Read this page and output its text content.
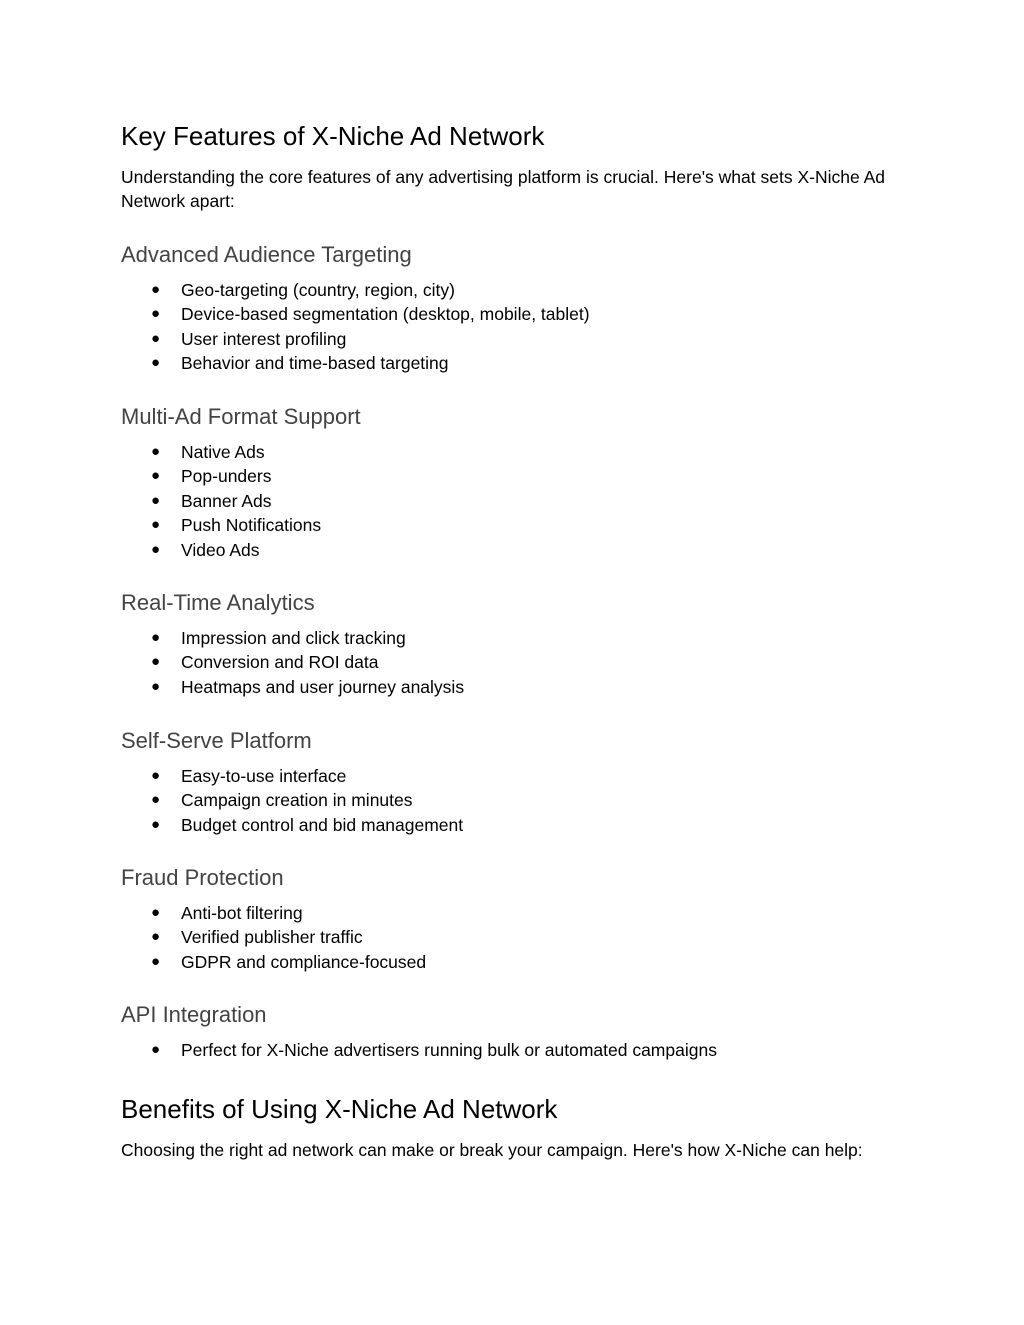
Key Features of X-Niche Ad Network

Understanding the core features of any advertising platform is crucial. Here's what sets X-Niche Ad Network apart:

Advanced Audience Targeting
● Geo-targeting (country, region, city)
● Device-based segmentation (desktop, mobile, tablet)
● User interest profiling
● Behavior and time-based targeting
Multi-Ad Format Support
● Native Ads
● Pop-unders
● Banner Ads
● Push Notifications
● Video Ads
Real-Time Analytics
● Impression and click tracking
● Conversion and ROI data
● Heatmaps and user journey analysis
Self-Serve Platform
● Easy-to-use interface
● Campaign creation in minutes
● Budget control and bid management
Fraud Protection
● Anti-bot filtering
● Verified publisher traffic
● GDPR and compliance-focused
API Integration
● Perfect for X-Niche advertisers running bulk or automated campaigns
Benefits of Using X-Niche Ad Network

Choosing the right ad network can make or break your campaign. Here's how X-Niche can help:
